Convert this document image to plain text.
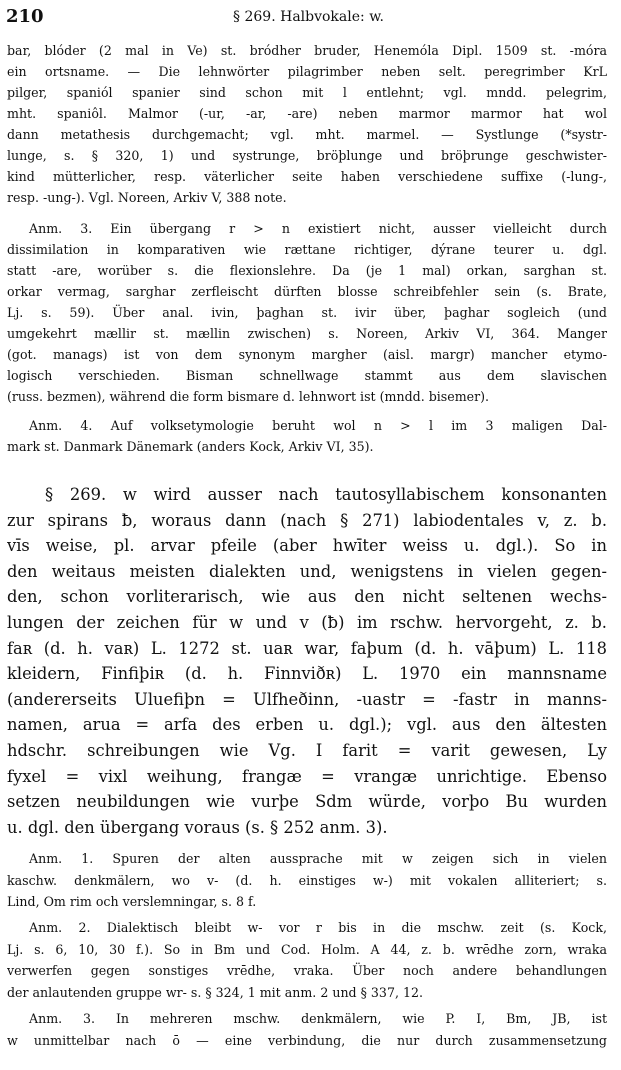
210	§ 269. Halbvokale: w.
bar, blóder (2 mal in Ve) st. bródher bruder, Henemóla Dipl. 1509 st. -móra
ein ortsname. — Die lehnwörter pilagrimber neben selt. peregrimber KrL
pilger, spaniól spanier sind schon mit l entlehnt; vgl. mndd. pelegrim,
mht. spaniôl. Malmor (-ur, -ar, -are) neben marmor marmor hat wol
dann metathesis durchgemacht; vgl. mht. marmel. — Systlunge (*systr-
lunge, s. § 320, 1) und systrunge, bröþlunge und bröþrunge geschwister-
kind mütterlicher, resp. väterlicher seite haben verschiedene suffixe (-lung-,
resp. -ung-). Vgl. Noreen, Arkiv V, 388 note.
Anm. 3. Ein übergang r > n existiert nicht, ausser vielleicht durch
dissimilation in komparativen wie rættane richtiger, dýrane teurer u. dgl.
statt -are, worüber s. die flexionslehre. Da (je 1 mal) orkan, sarghan st.
orkar vermag, sarghar zerfleischt dürften blosse schreibfehler sein (s. Brate,
Lj. s. 59). Über anal. ivin, þaghan st. ivir über, þaghar sogleich (und
umgekehrt mællir st. mællin zwischen) s. Noreen, Arkiv VI, 364. Manger
(got. manags) ist von dem synonym margher (aisl. margr) mancher etymo-
logisch verschieden. Bisman schnellwage stammt aus dem slavischen
(russ. bezmen), während die form bismare d. lehnwort ist (mndd. bisemer).
Anm. 4. Auf volksetymologie beruht wol n > l im 3 maligen Dal-
mark st. Danmark Dänemark (anders Kock, Arkiv VI, 35).
§ 269. w wird ausser nach tautosyllabischem konsonanten
zur spirans ƀ, woraus dann (nach § 271) labiodentales v, z. b.
vīs weise, pl. arvar pfeile (aber hwīter weiss u. dgl.). So in
den weitaus meisten dialekten und, wenigstens in vielen gegen-
den, schon vorliterarisch, wie aus den nicht seltenen wechs-
lungen der zeichen für w und v (ƀ) im rschw. hervorgeht, z. b.
faʀ (d. h. vaʀ) L. 1272 st. uaʀ war, faþum (d. h. vāþum) L. 118
kleidern, Finfiþiʀ (d. h. Finnviðʀ) L. 1970 ein mannsname
(andererseits Uluefiþn = Ulfheðinn, -uastr = -fastr in manns-
namen, arua = arfa des erben u. dgl.); vgl. aus den ältesten
hdschr. schreibungen wie Vg. I farit = varit gewesen, Ly
fyxel = vixl weihung, frangæ = vrangæ unrichtige. Ebenso
setzen neubildungen wie vurþe Sdm würde, vorþo Bu wurden
u. dgl. den übergang voraus (s. § 252 anm. 3).
Anm. 1. Spuren der alten aussprache mit w zeigen sich in vielen
kaschw. denkmälern, wo v- (d. h. einstiges w-) mit vokalen alliteriert; s.
Lind, Om rim och verslemningar, s. 8 f.
Anm. 2. Dialektisch bleibt w- vor r bis in die mschw. zeit (s. Kock,
Lj. s. 6, 10, 30 f.). So in Bm und Cod. Holm. A 44, z. b. wrēdhe zorn, wraka
verwerfen gegen sonstiges vrēdhe, vraka. Über noch andere behandlungen
der anlautenden gruppe wr- s. § 324, 1 mit anm. 2 und § 337, 12.
Anm. 3. In mehreren mschw. denkmälern, wie P. I, Bm, JB, ist
w unmittelbar nach ō — eine verbindung, die nur durch zusammensetzung
